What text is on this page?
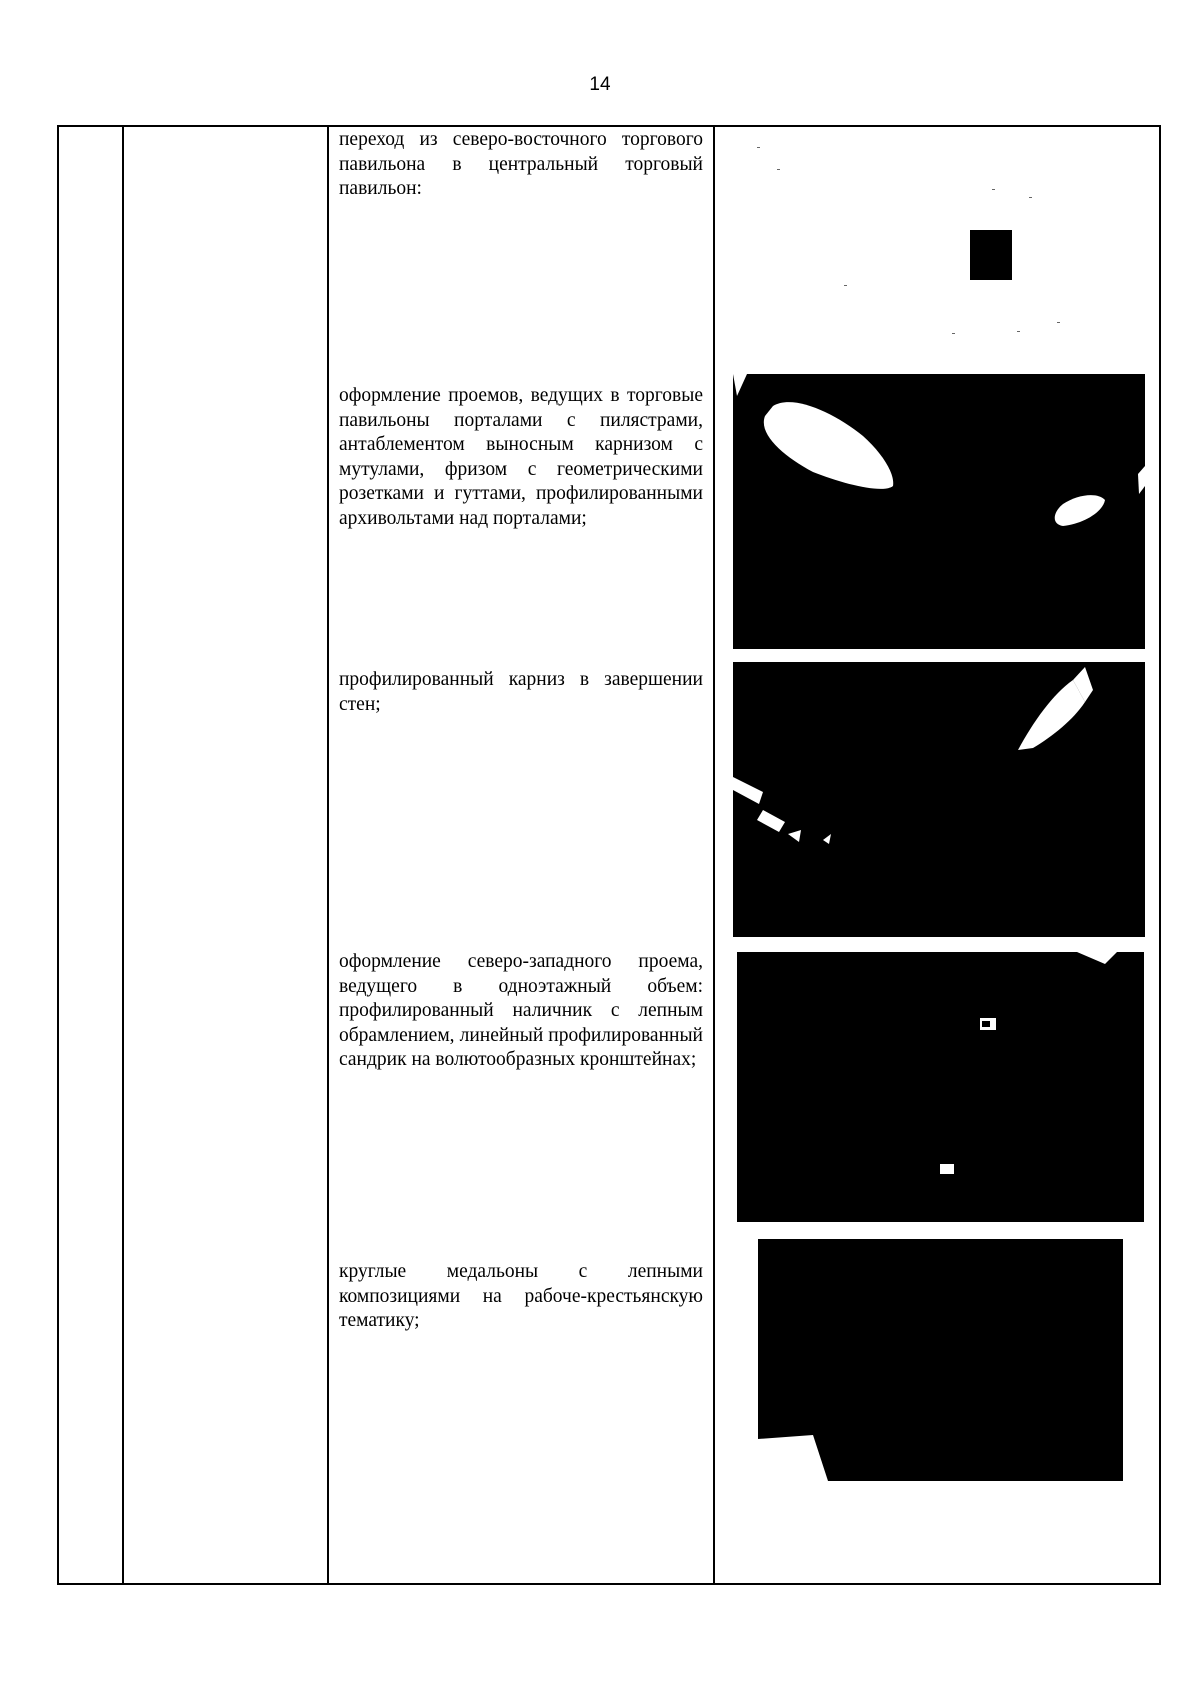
14
переход из северо-восточного торгового павильона в центральный торговый павильон:
оформление проемов, ведущих в торговые павильоны порталами с пилястрами, антаблементом выносным карнизом с мутулами, фризом с геометрическими розетками и гуттами, профилированными архивольтами над порталами;
профилированный карниз в завершении стен;
оформление северо-западного проема, ведущего в одноэтажный объем: профилированный наличник с лепным обрамлением, линейный профилированный сандрик на волютообразных кронштейнах;
круглые медальоны с лепными композициями на рабоче-крестьянскую тематику;
